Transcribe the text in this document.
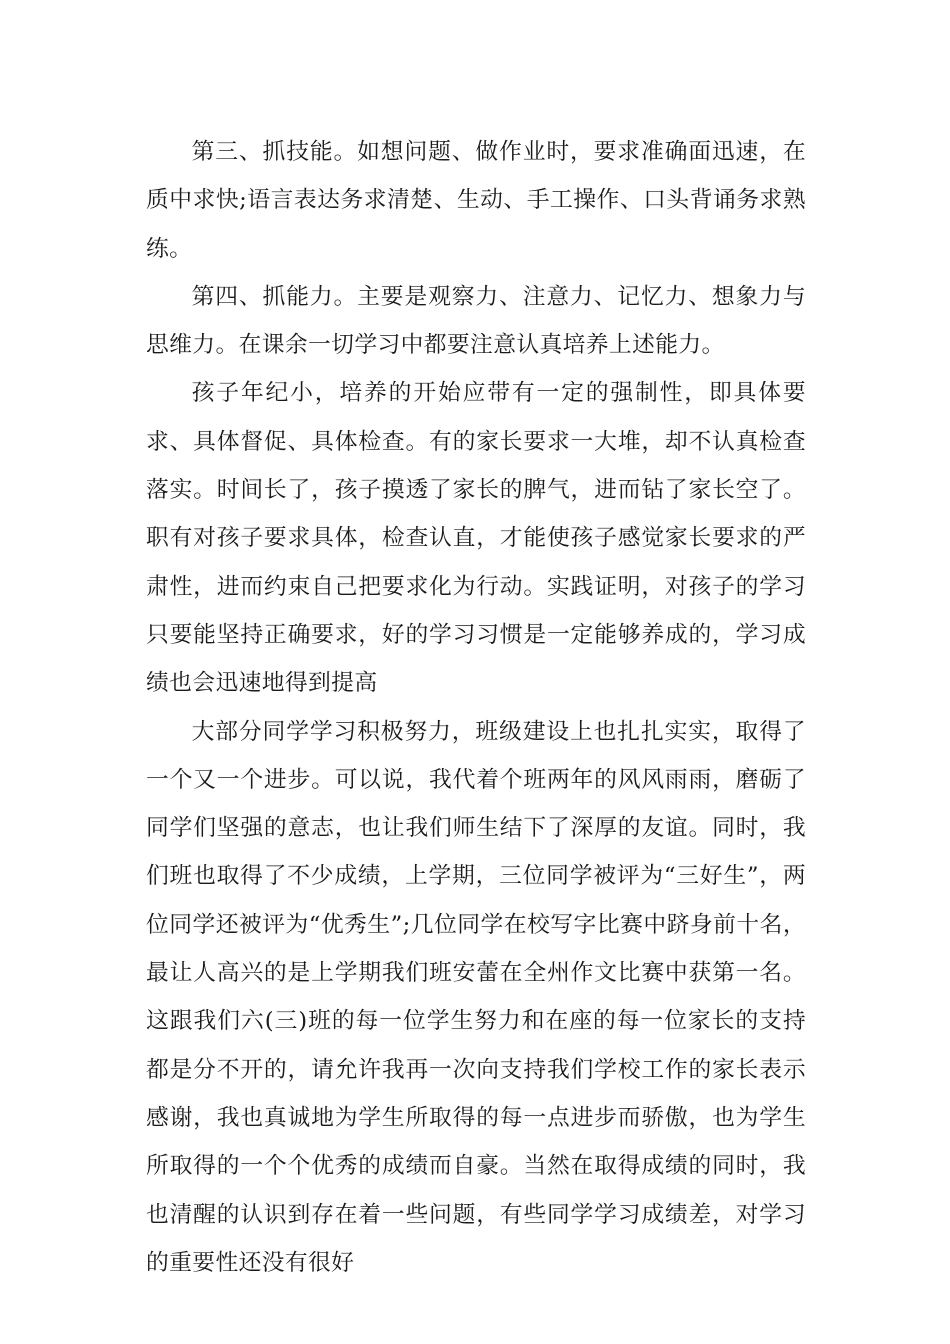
第三、抓技能。如想问题、做作业时，要求准确面迅速，在质中求快;语言表达务求清楚、生动、手工操作、口头背诵务求熟练。

第四、抓能力。主要是观察力、注意力、记忆力、想象力与思维力。在课余一切学习中都要注意认真培养上述能力。

孩子年纪小，培养的开始应带有一定的强制性，即具体要求、具体督促、具体检查。有的家长要求一大堆，却不认真检查落实。时间长了，孩子摸透了家长的脾气，进而钻了家长空了。职有对孩子要求具体，检查认直，才能使孩子感觉家长要求的严肃性，进而约束自己把要求化为行动。实践证明，对孩子的学习只要能坚持正确要求，好的学习习惯是一定能够养成的，学习成绩也会迅速地得到提高

大部分同学学习积极努力，班级建设上也扎扎实实，取得了一个又一个进步。可以说，我代着个班两年的风风雨雨，磨砺了同学们坚强的意志，也让我们师生结下了深厚的友谊。同时，我们班也取得了不少成绩，上学期，三位同学被评为“三好生”，两位同学还被评为“优秀生”;几位同学在校写字比赛中跻身前十名，最让人高兴的是上学期我们班安蕾在全州作文比赛中获第一名。这跟我们六(三)班的每一位学生努力和在座的每一位家长的支持都是分不开的，请允许我再一次向支持我们学校工作的家长表示感谢，我也真诚地为学生所取得的每一点进步而骄傲，也为学生所取得的一个个优秀的成绩而自豪。当然在取得成绩的同时，我也清醒的认识到存在着一些问题，有些同学学习成绩差，对学习的重要性还没有很好
